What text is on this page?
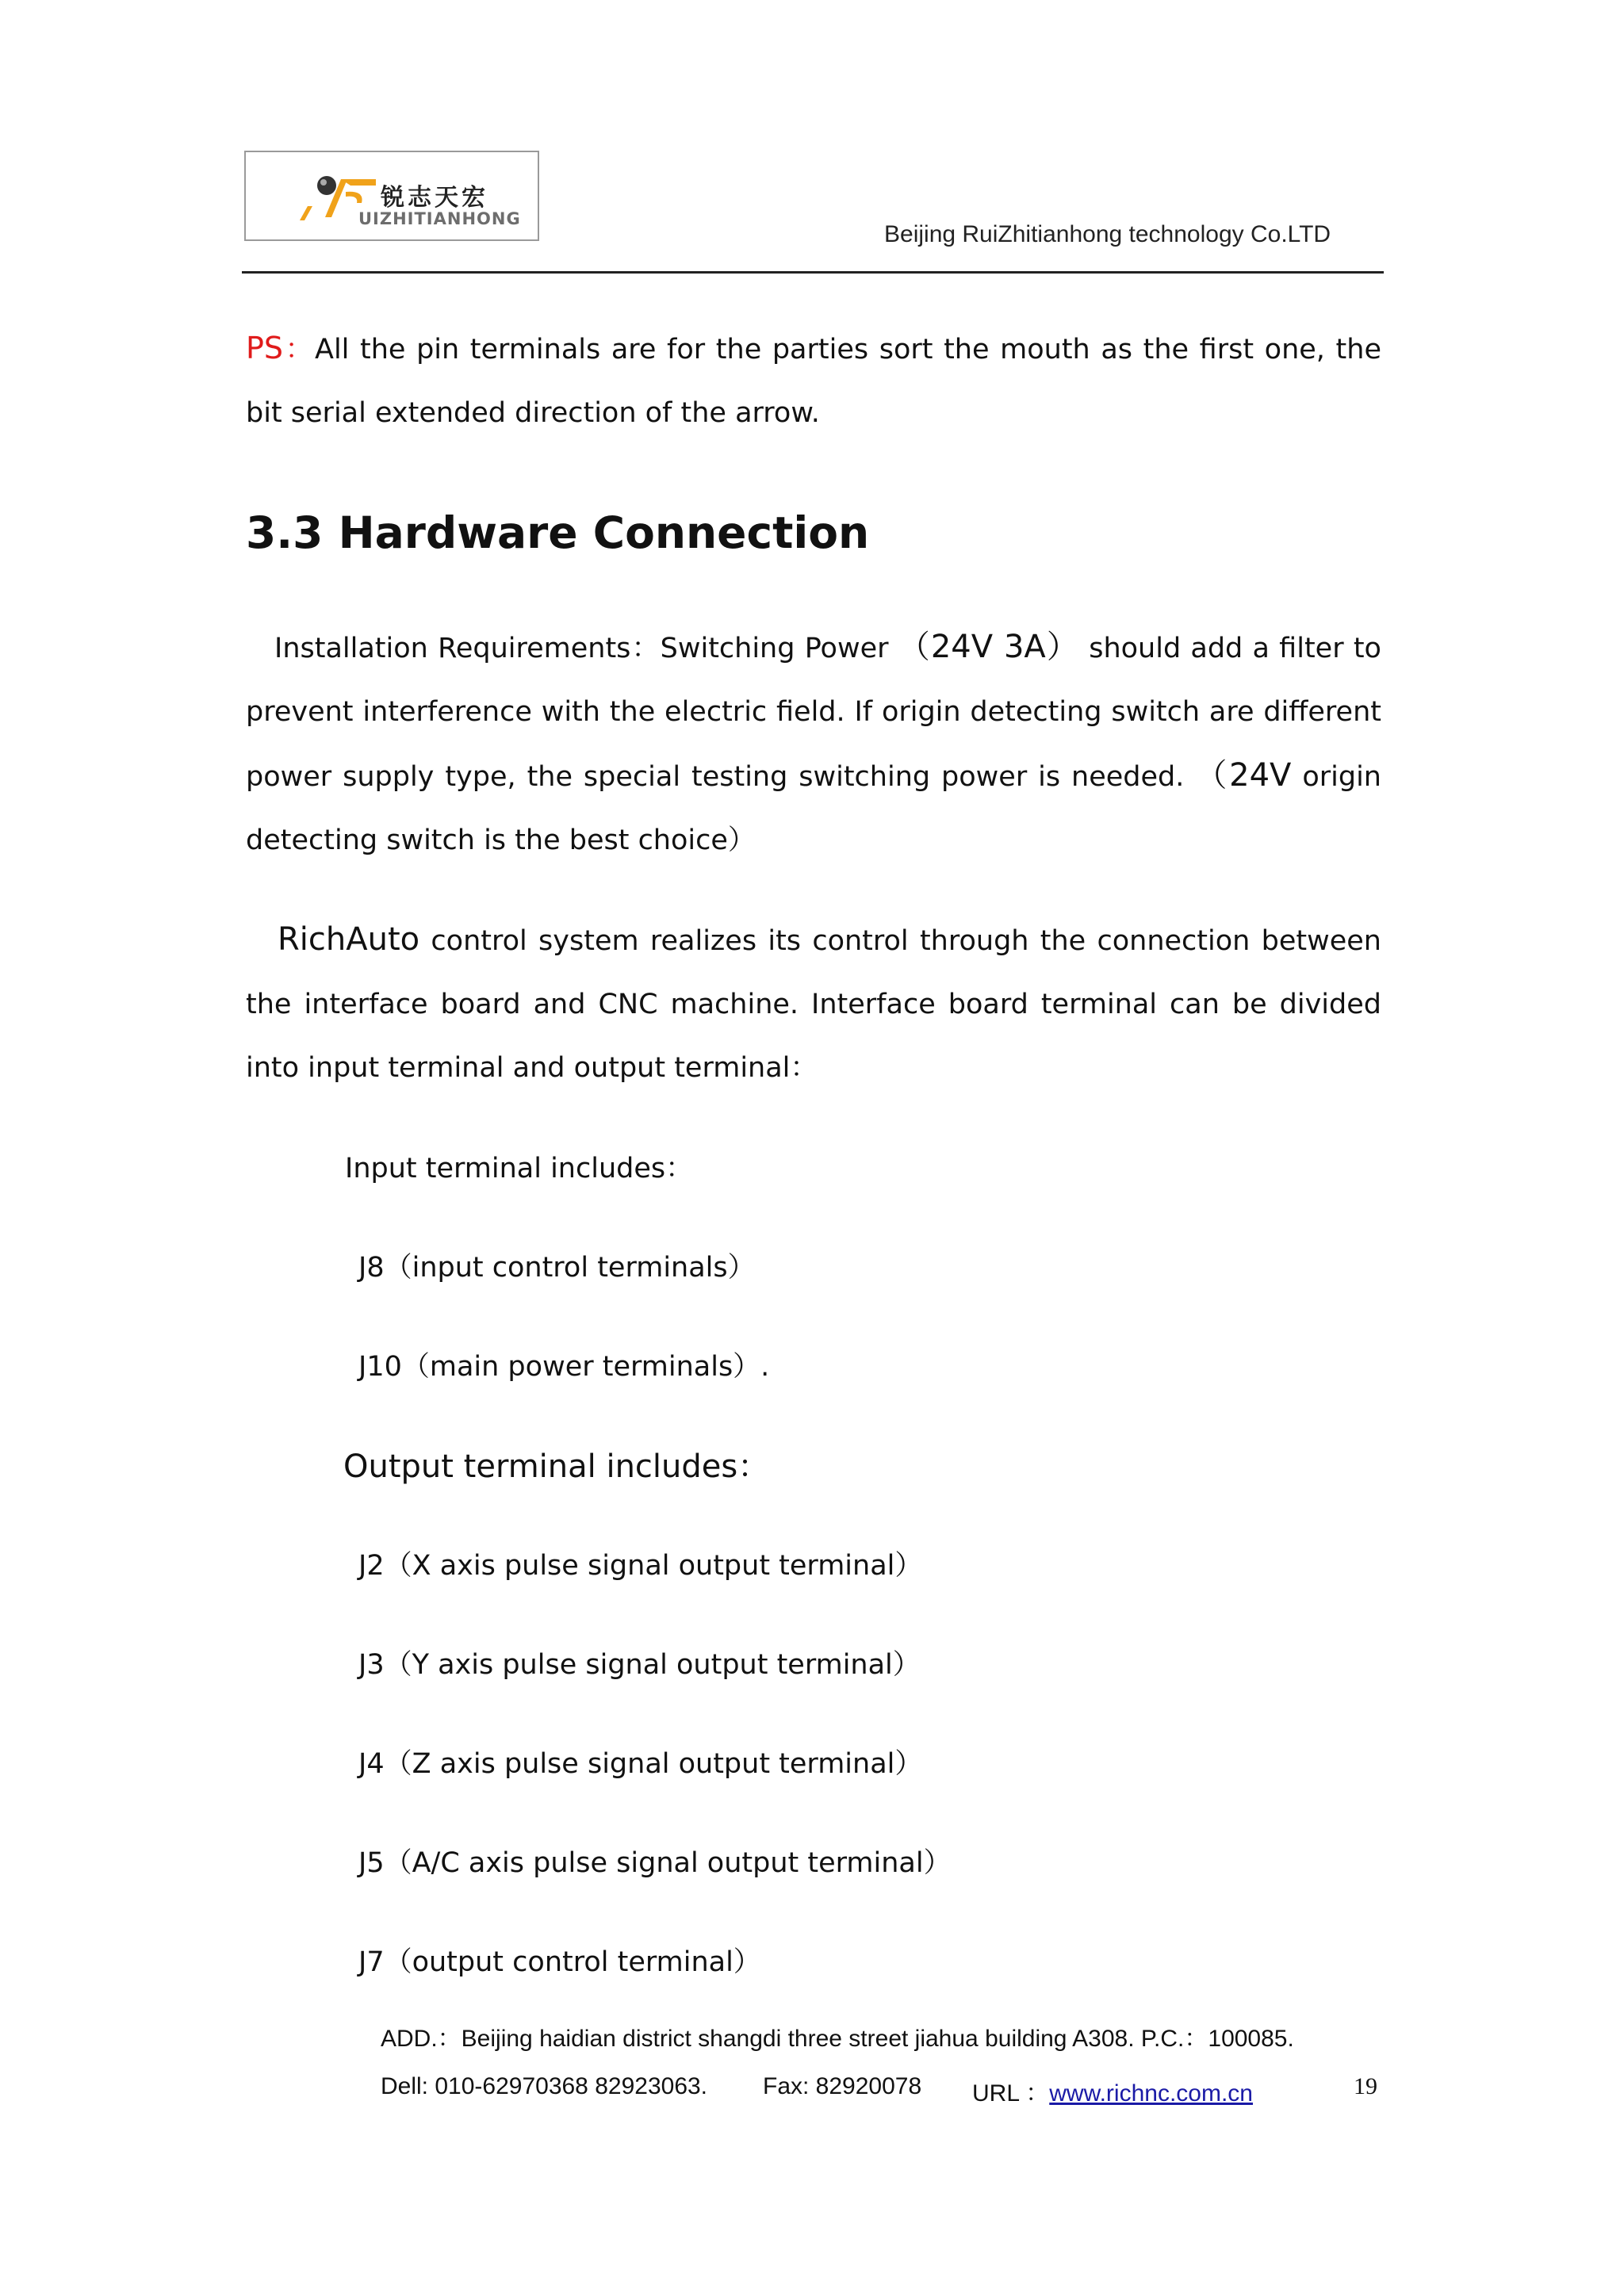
锐志天宏
UIZHITIANHONG
Beijing RuiZhitianhong technology Co.LTD
PS：All the pin terminals are for the parties sort the mouth as the first one, the bit serial extended direction of the arrow.
3.3 Hardware Connection
Installation Requirements：Switching Power （24V 3A） should add a filter to prevent interference with the electric field. If origin detecting switch are different power supply type, the special testing switching power is needed. （24V origin detecting switch is the best choice）
RichAuto control system realizes its control through the connection between the interface board and CNC machine. Interface board terminal can be divided into input terminal and output terminal：
Input terminal includes：
J8（input control terminals）
J10（main power terminals）.
Output terminal includes：
J2（X axis pulse signal output terminal）
J3（Y axis pulse signal output terminal）
J4（Z axis pulse signal output terminal）
J5（A/C axis pulse signal output terminal）
J7（output control terminal）
ADD.：Beijing haidian district shangdi three street jiahua building A308. P.C.：100085.
Dell: 010-62970368 82923063. Fax: 82920078 URL ：www.richnc.com.cn	19
